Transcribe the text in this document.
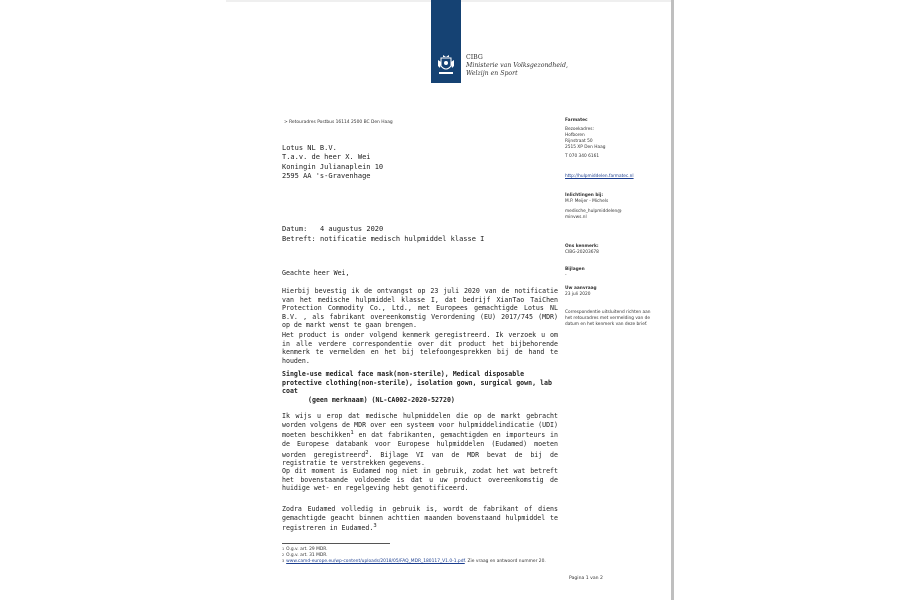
CIBG
Ministerie van Volksgezondheid,
Welzijn en Sport
> Retouradres Postbus 16114 2500 BC Den Haag
Lotus NL B.V.
T.a.v. de heer X. Wei
Koningin Julianaplein 10
2595 AA 's-Gravenhage
Datum:	4 augustus 2020
Betreft: notificatie medisch hulpmiddel klasse I
Geachte heer Wei,
Hierbij bevestig ik de ontvangst op 23 juli 2020 van de notificatie van het medische hulpmiddel klasse I, dat bedrijf XianTao TaiChen Protection Commodity Co., Ltd., met Europees gemachtigde Lotus NL B.V. , als fabrikant overeenkomstig Verordening (EU) 2017/745 (MDR) op de markt wenst te gaan brengen.
Het product is onder volgend kenmerk geregistreerd. Ik verzoek u om in alle verdere correspondentie over dit product het bijbehorende kenmerk te vermelden en het bij telefoongesprekken bij de hand te houden.
Single-use medical face mask(non-sterile), Medical disposable protective clothing(non-sterile), isolation gown, surgical gown, lab coat
(geen merknaam) (NL-CA002-2020-52720)
Ik wijs u erop dat medische hulpmiddelen die op de markt gebracht worden volgens de MDR over een systeem voor hulpmiddelindicatie (UDI) moeten beschikken$^1$ en dat fabrikanten, gemachtigden en importeurs in de Europese databank voor Europese hulpmiddelen (Eudamed) moeten worden geregistreerd$^2$. Bijlage VI van de MDR bevat de bij de registratie te verstrekken gegevens.
Op dit moment is Eudamed nog niet in gebruik, zodat het wat betreft het bovenstaande voldoende is dat u uw product overeenkomstig de huidige wet- en regelgeving hebt genotificeerd.
Zodra Eudamed volledig in gebruik is, wordt de fabrikant of diens gemachtigde geacht binnen achttien maanden bovenstaand hulpmiddel te registreren in Eudamed.$^3$
1 O.g.v. art. 29 MDR.
2 O.g.v. art. 31 MDR.
3 www.camd-europe.eu/wp-content/uploads/2018/05/FAQ_MDR_180117_V1.0-1.pdf. Zie vraag en antwoord nummer 20.
Farmatec
Bezoekadres:
Hofboren
Rijnstraat 50
2515 XP Den Haag
T 070 340 6161
http://hulpmiddelen.farmatec.nl
Inlichtingen bij:
M.P. Meijer - Michels
medische_hulpmiddelen@
minvws.nl
Ons kenmerk:
CIBG-20203678
Bijlagen
-
Uw aanvraag
23 juli 2020
Correspondentie uitsluitend richten aan het retouradres met vermelding van de datum en het kenmerk van deze brief.
Pagina 1 van 2
